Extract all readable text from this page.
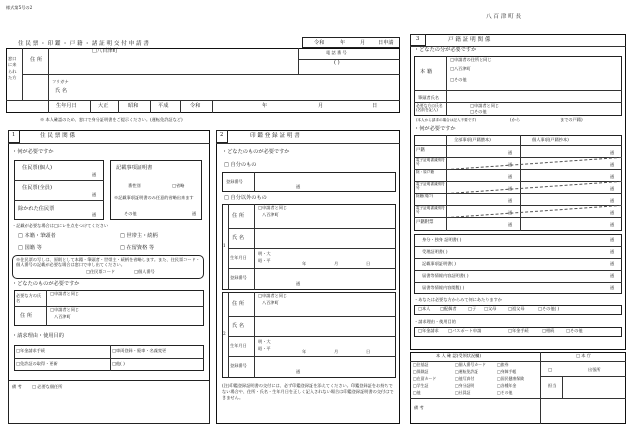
様式第5号の2
八 百 津 町 長
住 民 票 ・ 印 鑑 ・ 戸 籍 ・ 諸 証 明 交 付 申 請 書	令和	年	月 日申請
窓口に来られた方
住 所
□八百津町	電 話 番 号
( )
フリガナ
氏 名
生年月日	大正	昭和	平成	令和	年	月	日
※ 本人確認のため、窓口で身分証明書をご提示ください。(運転免許証など)
1	住 民 票 関 係
・何が必要ですか
住民票(個人)
通
住民票(全員)
通
除かれた住民票
通
記載事項証明書
番性別	□省略
※記載事項証明書のみ任意的省略出来ます
その他	通
・記載が必要な場合は□にレを点をつけてください
□ 本籍・筆頭者	□ 世帯主・続柄
□ 国籍 等	□ 在留資格 等
※住民票の写しは、原則として本籍・筆頭者・世帯主・続柄を省略します。また、住民票コード・個人番号の記載が必要な場合は窓口で申し出てください。
□住民票コード	□個人番号
・どなたのものが必要ですか
必要な方の氏名
□申請者と同じ
住 所
□申請者と同じ
八百津町
・請求理由・使用目的
□年金請求手続	□車両登録・廃車・名義変更
□免許証の取得・更新	□他( )
備 考 □ 必要な個任所
2	印 鑑 登 録 証 明 書
・どなたのものが必要ですか
□ 自分のもの
登録番号
通
□ 自分以外のもの
1
住 所
□申請者と同じ
八百津町
氏 名
生年月日
明・大
昭・平
年	月	日
登録番号
通
2
住 所
□申請者と同じ
八百津町
氏 名
生年月日
明・大
昭・平
年	月	日
登録番号
通
(注)印鑑登録証明書の交付には、必ず印鑑登録証を添えてください。印鑑登録証をお持ちでない場合や、住所・氏名・生年月日を正しく記入されない場合は印鑑登録証明書の交付はできません。
3	戸 籍 証 明 関 係
・どなたの分が必要ですか
本 籍
□申請者の住所と同じ
□八百津町
□その他
筆頭者氏名
必要な方の氏名(名前を記入)
□申請者と同じ
□その他
(本人から請求の場合は記入不要です)	(から	までの戸籍)
・何が必要ですか
全部事項(戸籍謄本)	個人事項(戸籍抄本)
戸籍	通	通
電子証明書識別符号	通	通
除・原戸籍
通	通
電子証明書識別符号	通	通
除籍(現戸)
通	通
電子証明書識別符号	通	通
戸籍附票	通	通
身分・独身 証明書( )	通
受理証明書( )	通
記載事項証明書( )	通
届書等情報内容証明書( )	通
届書等情報内容閲覧( )	通
・あなたは必要な方からみて何にあたりますか
□本人 □配偶者	□子 □父母	□祖父母	□その他( )
・請求理由・使用目的
□年金請求 □パスポート申請	□年金手続	□相続	□その他
本 人 確 認(受領状況欄)	□ 本 庁
□	出張所
担当
□住基証	□個人番号カード	□旅券
□保険証	□運転免許証	□身障手帳
□在留カード	□他写真付	□国民健康保険
□学生証	□身分証明	□各種年金
□他	□社員証	□その他
備 考
